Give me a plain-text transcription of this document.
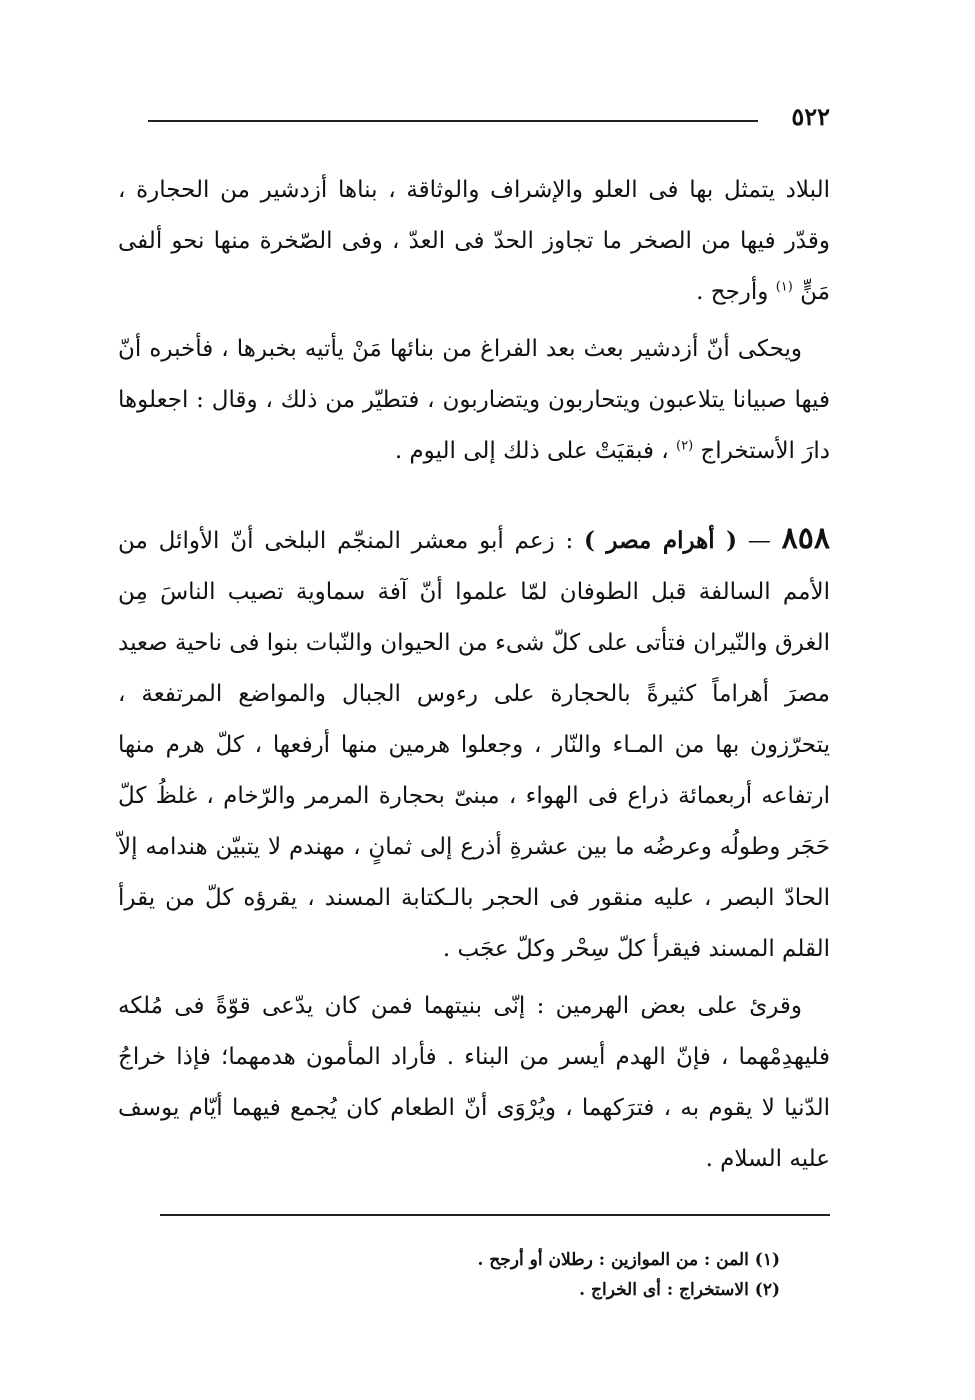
٥٢٢

البلاد يتمثل بها فى العلو والإشراف والوثاقة ، بناها أزدشير من الحجارة ، وقدّر فيها من الصخر ما تجاوز الحدّ فى العدّ ، وفى الصّخرة منها نحو ألفى مَنٍّ $^{(١)}$ وأرجح .

ويحكى أنّ أزدشير بعث بعد الفراغ من بنائها مَنْ يأتيه بخبرها ، فأخبره أنّ فيها صبيانا يتلاعبون ويتحاربون ويتضاربون ، فتطيّر من ذلك ، وقال : اجعلوها دارَ الأستخراج $^{(٢)}$ ، فبقيَتْ على ذلك إلى اليوم .

٨٥٨ — ( أهرام مصر ) : زعم أبو معشر المنجّم البلخى أنّ الأوائل من الأمم السالفة قبل الطوفان لمّا علموا أنّ آفة سماوية تصيب الناسَ مِن الغرق والنّيران فتأتى على كلّ شىء من الحيوان والنّبات بنوا فى ناحية صعيد مصرَ أهراماً كثيرةً بالحجارة على رءوس الجبال والمواضع المرتفعة ، يتحرّزون بها من المـاء والنّار ، وجعلوا هرمين منها أرفعها ، كلّ هرم منها ارتفاعه أربعمائة ذراع فى الهواء ، مبنىّ بحجارة المرمر والرّخام ، غلظُ كلّ حَجَر وطولُه وعرضُه ما بين عشرةِ أذرع إلى ثمانٍ ، مهندم لا يتبيّن هندامه إلاّ الحادّ البصر ، عليه منقور فى الحجر بالـكتابة المسند ، يقرؤه كلّ من يقرأ القلم المسند فيقرأ كلّ سِحْر وكلّ عجَب .

وقرئ على بعض الهرمين : إنّى بنيتهما فمن كان يدّعى قوّةً فى مُلكه فليهدِمْهما ، فإنّ الهدم أيسر من البناء . فأراد المأمون هدمهما؛ فإذا خراجُ الدّنيا لا يقوم به ، فترَكهما ، ويُرْوَى أنّ الطعام كان يُجمع فيهما أيّام يوسف عليه السلام .

(١) المن : من الموازين : رطلان أو أرجح .

(٢) الاستخراج : أى الخراج .
